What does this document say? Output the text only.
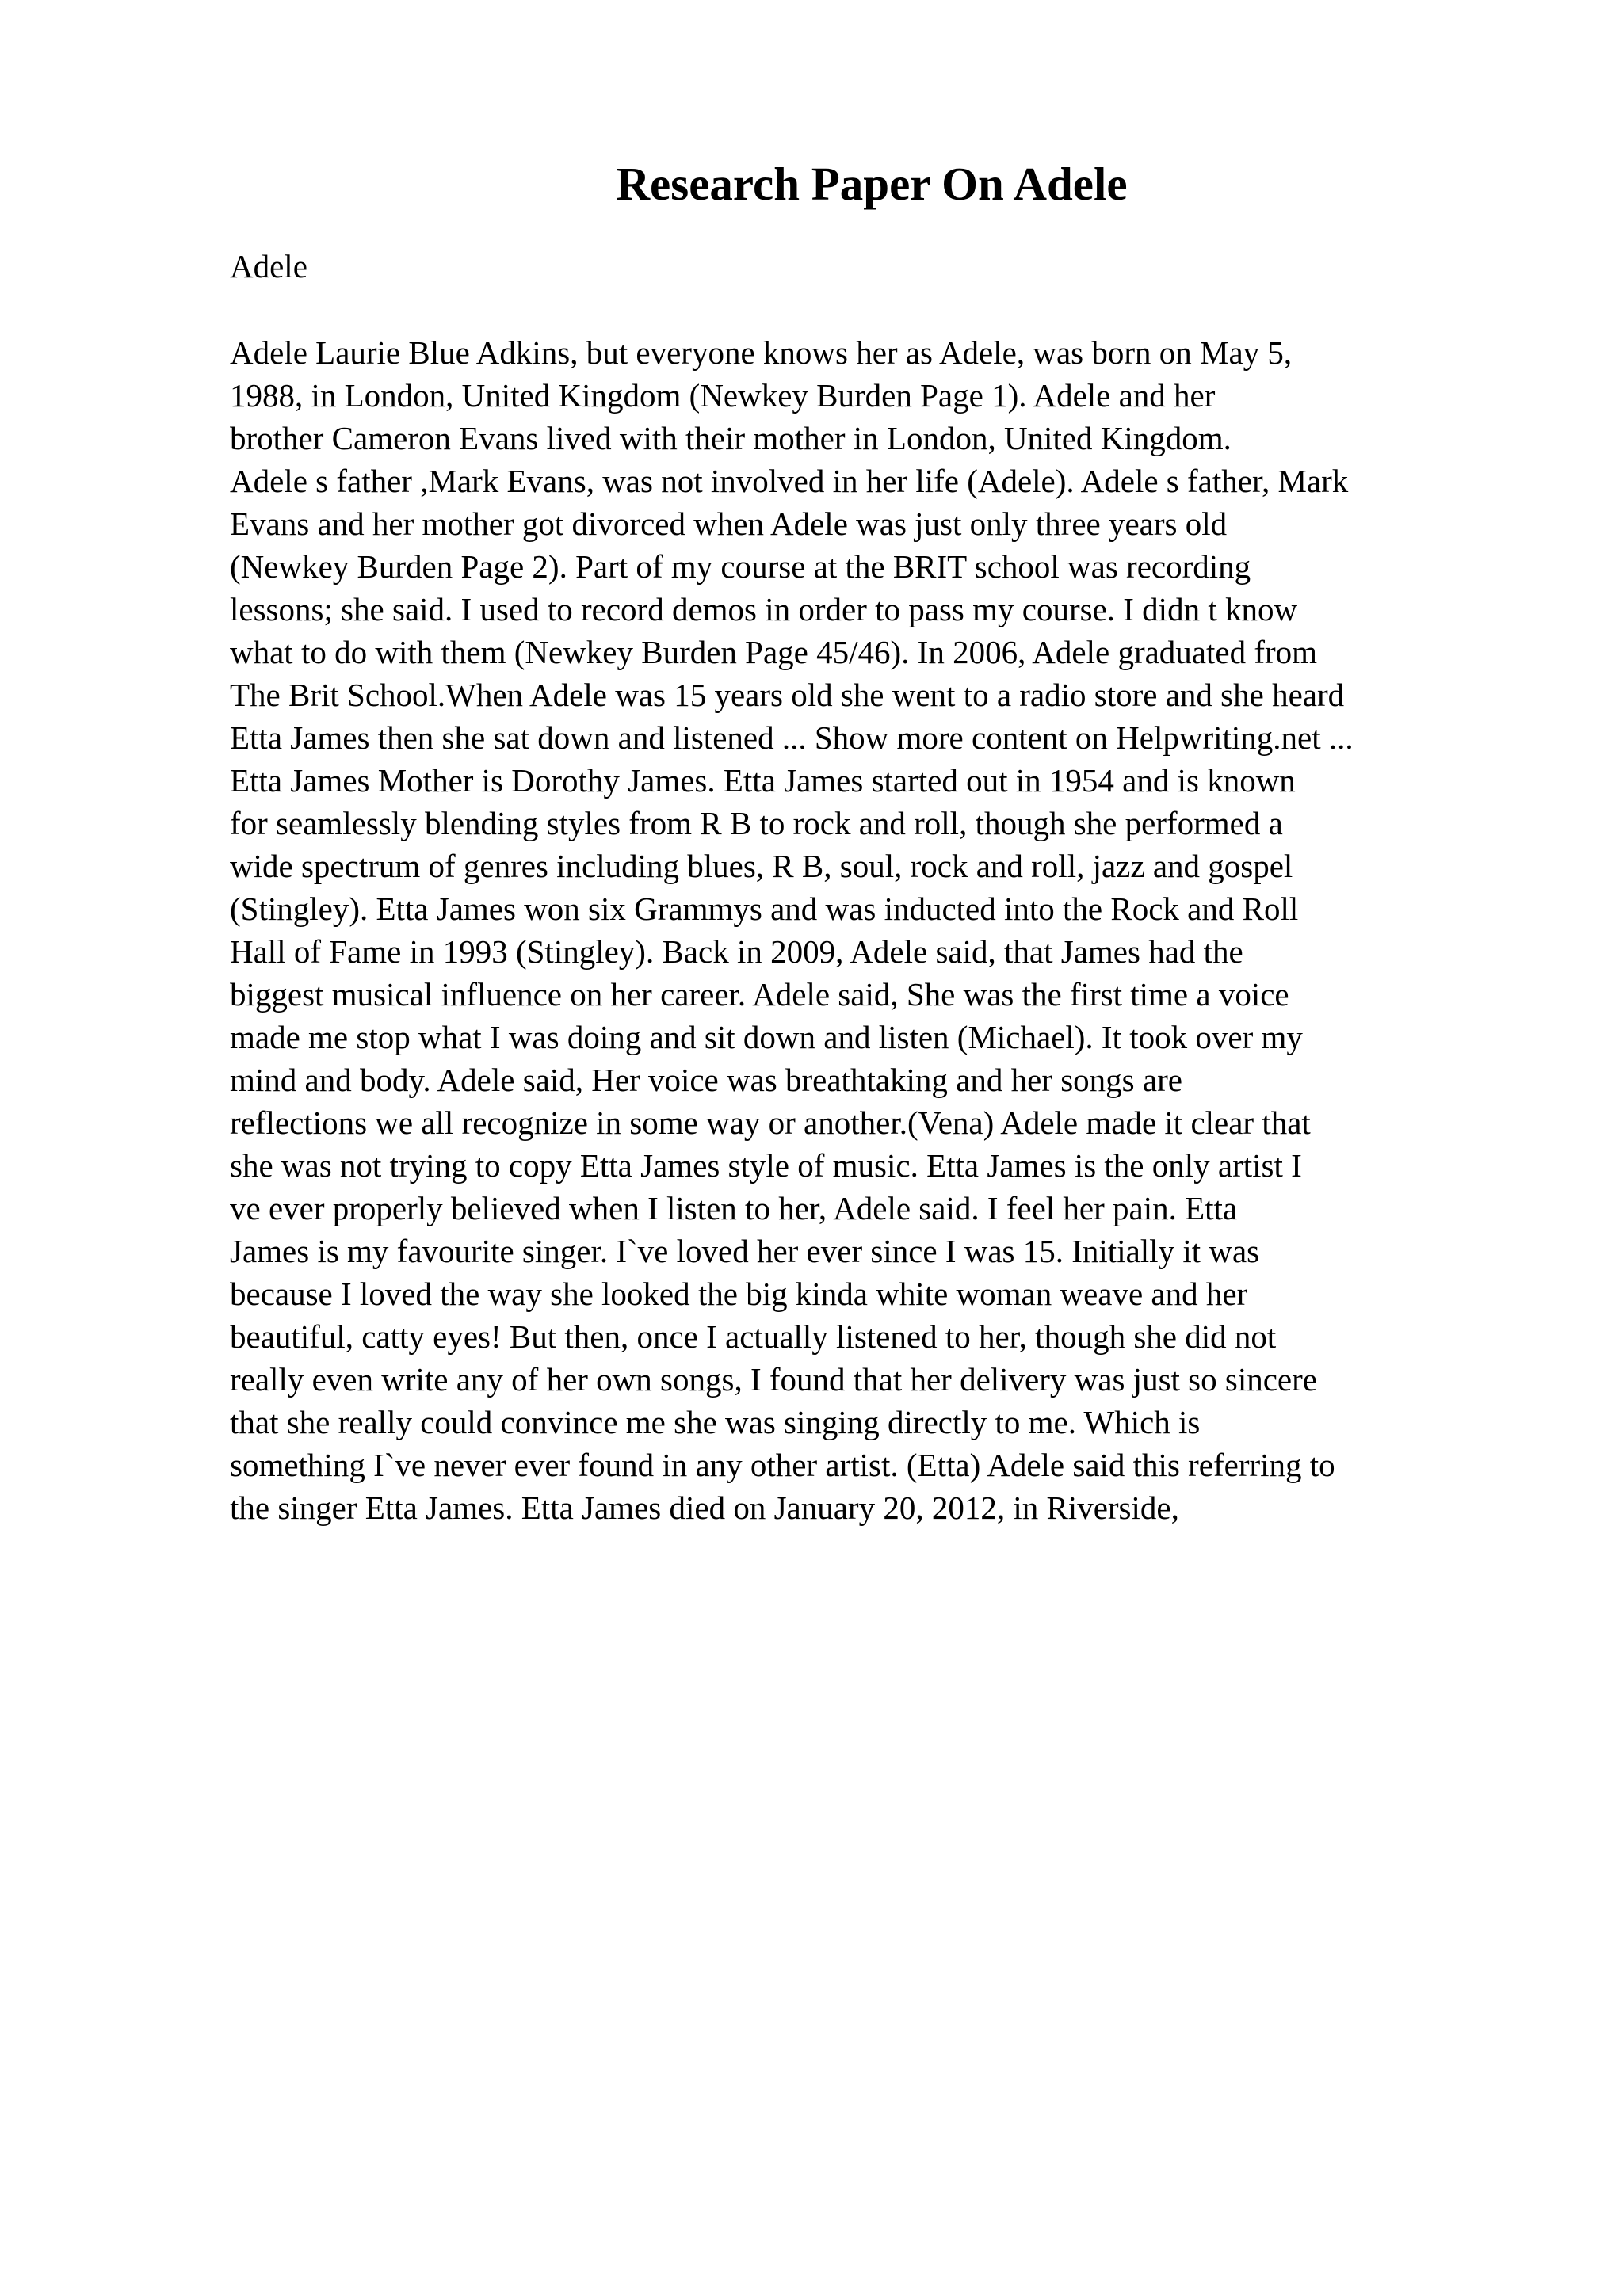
Research Paper On Adele

Adele

Adele Laurie Blue Adkins, but everyone knows her as Adele, was born on May 5,
1988, in London, United Kingdom (Newkey Burden Page 1). Adele and her
brother Cameron Evans lived with their mother in London, United Kingdom.
Adele s father ,Mark Evans, was not involved in her life (Adele). Adele s father, Mark
Evans and her mother got divorced when Adele was just only three years old
(Newkey Burden Page 2). Part of my course at the BRIT school was recording
lessons; she said. I used to record demos in order to pass my course. I didn t know
what to do with them (Newkey Burden Page 45/46). In 2006, Adele graduated from
The Brit School.When Adele was 15 years old she went to a radio store and she heard
Etta James then she sat down and listened ... Show more content on Helpwriting.net ...
Etta James Mother is Dorothy James. Etta James started out in 1954 and is known
for seamlessly blending styles from R B to rock and roll, though she performed a
wide spectrum of genres including blues, R B, soul, rock and roll, jazz and gospel
(Stingley). Etta James won six Grammys and was inducted into the Rock and Roll
Hall of Fame in 1993 (Stingley). Back in 2009, Adele said, that James had the
biggest musical influence on her career. Adele said, She was the first time a voice
made me stop what I was doing and sit down and listen (Michael). It took over my
mind and body. Adele said, Her voice was breathtaking and her songs are
reflections we all recognize in some way or another.(Vena) Adele made it clear that
she was not trying to copy Etta James style of music. Etta James is the only artist I
ve ever properly believed when I listen to her, Adele said. I feel her pain. Etta
James is my favourite singer. I`ve loved her ever since I was 15. Initially it was
because I loved the way she looked the big kinda white woman weave and her
beautiful, catty eyes! But then, once I actually listened to her, though she did not
really even write any of her own songs, I found that her delivery was just so sincere
that she really could convince me she was singing directly to me. Which is
something I`ve never ever found in any other artist. (Etta) Adele said this referring to
the singer Etta James. Etta James died on January 20, 2012, in Riverside,
